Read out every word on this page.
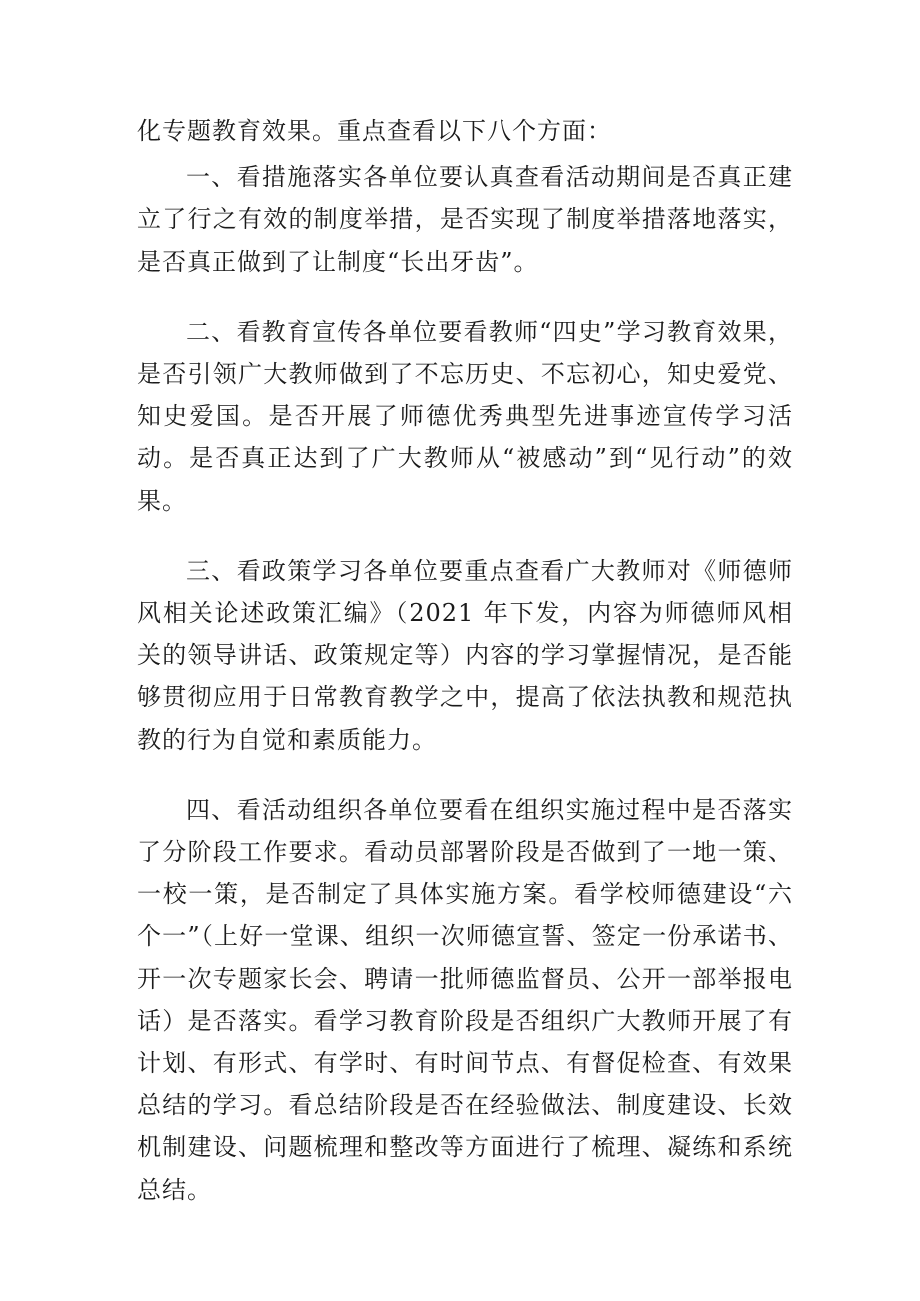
化专题教育效果。重点查看以下八个方面：

一、看措施落实各单位要认真查看活动期间是否真正建立了行之有效的制度举措，是否实现了制度举措落地落实，是否真正做到了让制度“长出牙齿”。

二、看教育宣传各单位要看教师“四史”学习教育效果，是否引领广大教师做到了不忘历史、不忘初心，知史爱党、知史爱国。是否开展了师德优秀典型先进事迹宣传学习活动。是否真正达到了广大教师从“被感动”到“见行动”的效果。

三、看政策学习各单位要重点查看广大教师对《师德师风相关论述政策汇编》（2021 年下发，内容为师德师风相关的领导讲话、政策规定等）内容的学习掌握情况，是否能够贯彻应用于日常教育教学之中，提高了依法执教和规范执教的行为自觉和素质能力。

四、看活动组织各单位要看在组织实施过程中是否落实了分阶段工作要求。看动员部署阶段是否做到了一地一策、一校一策，是否制定了具体实施方案。看学校师德建设“六个一”（上好一堂课、组织一次师德宣誓、签定一份承诺书、开一次专题家长会、聘请一批师德监督员、公开一部举报电话）是否落实。看学习教育阶段是否组织广大教师开展了有计划、有形式、有学时、有时间节点、有督促检查、有效果总结的学习。看总结阶段是否在经验做法、制度建设、长效机制建设、问题梳理和整改等方面进行了梳理、凝练和系统总结。
